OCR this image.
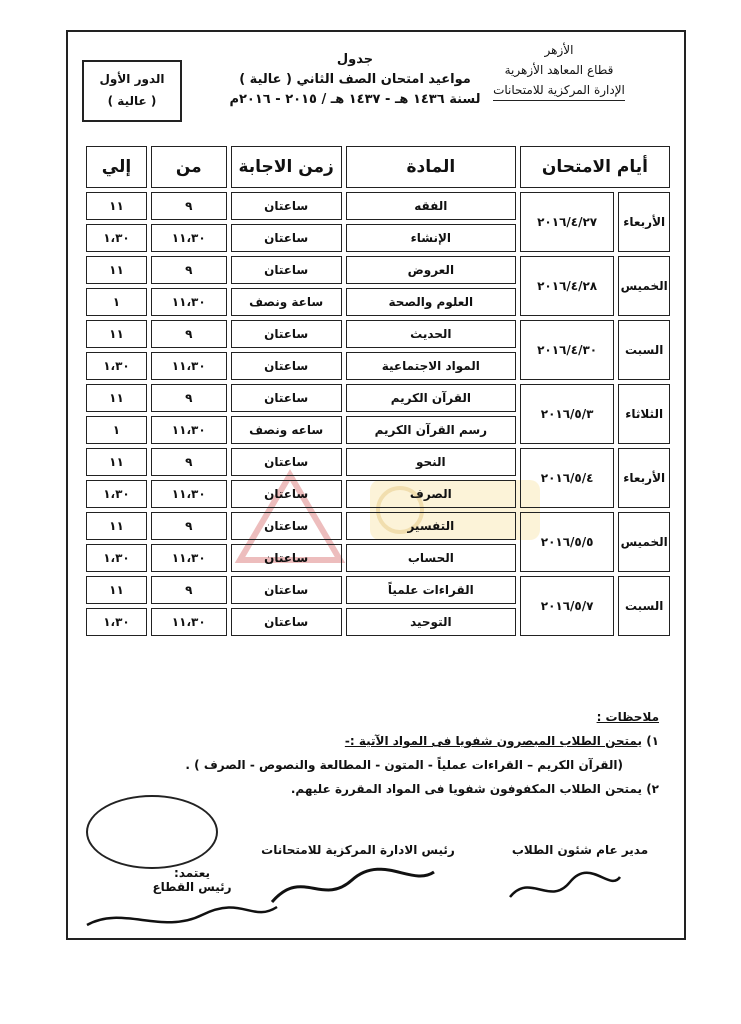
الأزهر
قطاع المعاهد الأزهرية
الإدارة المركزية للامتحانات
جدول
مواعيد امتحان الصف الثاني ( عالية )
لسنة ١٤٣٦ هـ - ١٤٣٧ هـ / ٢٠١٥ - ٢٠١٦م
الدور الأول
( عالية )
أيام الامتحان		المادة	زمن الاجابة	من	إلي
الأربعاء	٢٠١٦/٤/٢٧	الفقه	ساعتان	٩	١١
		الإنشاء	ساعتان	١١،٣٠	١،٣٠
الخميس	٢٠١٦/٤/٢٨	العروض	ساعتان	٩	١١
		العلوم والصحة	ساعة ونصف	١١،٣٠	١
السبت	٢٠١٦/٤/٣٠	الحديث	ساعتان	٩	١١
		المواد الاجتماعية	ساعتان	١١،٣٠	١،٣٠
الثلاثاء	٢٠١٦/٥/٣	القرآن الكريم	ساعتان	٩	١١
		رسم القرآن الكريم	ساعه ونصف	١١،٣٠	١
الأربعاء	٢٠١٦/٥/٤	النحو	ساعتان	٩	١١
		الصرف	ساعتان	١١،٣٠	١،٣٠
الخميس	٢٠١٦/٥/٥	التفسير	ساعتان	٩	١١
		الحساب	ساعتان	١١،٣٠	١،٣٠
السبت	٢٠١٦/٥/٧	القراءات علمياً	ساعتان	٩	١١
		التوحيد	ساعتان	١١،٣٠	١،٣٠
ملاحظات :
١) يمتحن الطلاب المبصرون شفويا فى المواد الآتية :-
(القرآن الكريم – القراءات عملياً - المتون - المطالعة والنصوص - الصرف ) .
٢) يمتحن الطلاب المكفوفون شفويا فى المواد المقررة عليهم.
مدير عام شئون الطلاب
رئيس الادارة المركزية للامتحانات
يعتمد:
رئيس القطاع
